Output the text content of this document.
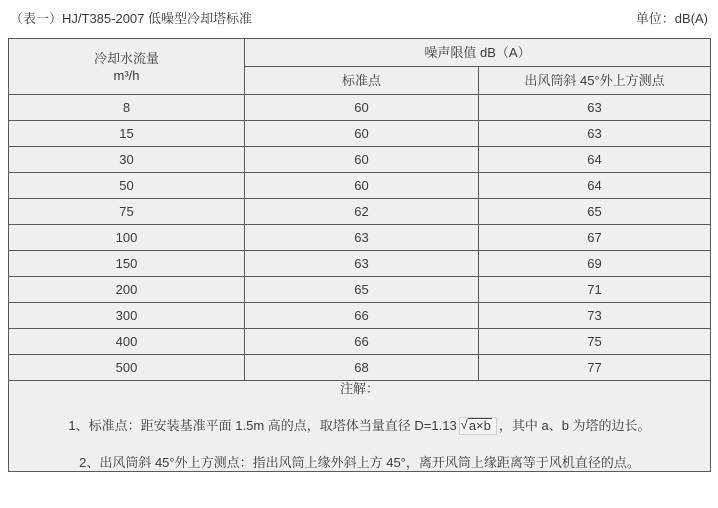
（表一）HJ/T385-2007 低噪型冷却塔标准	单位：dB(A)
冷却水流量
m³/h	噪声限值 dB（A）	
	标准点	出风筒斜 45°外上方测点
8	60	63
15	60	63
30	60	64
50	60	64
75	62	65
100	63	67
150	63	69
200	65	71
300	66	73
400	66	75
500	68	77

注解：

1、标准点：距安装基准平面 1.5m 高的点，取塔体当量直径 D=1.13 √a×b ，其中 a、b 为塔的边长。

2、出风筒斜 45°外上方测点：指出风筒上缘外斜上方 45°，离开风筒上缘距离等于风机直径的点。		
